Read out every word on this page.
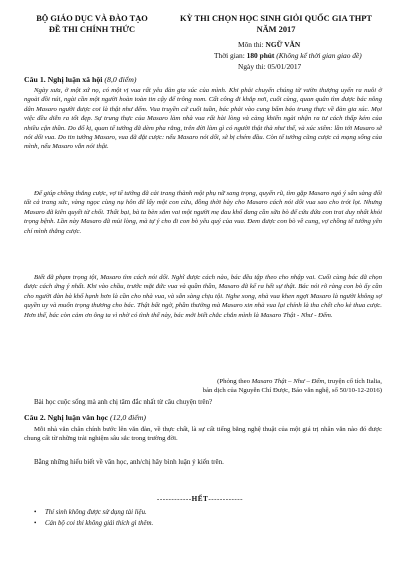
BỘ GIÁO DỤC VÀ ĐÀO TẠO
ĐỀ THI CHÍNH THỨC
KỲ THI CHỌN HỌC SINH GIỎI QUỐC GIA THPT
NĂM 2017
Môn thi: NGỮ VĂN
Thời gian: 180 phút (Không kể thời gian giao đề)
Ngày thi: 05/01/2017
Câu 1. Nghị luận xã hội (8,0 điểm)

Ngày xưa, ở một xứ nọ, có một vị vua rất yêu đàn gia súc của mình. Khi phải chuyển chúng từ vườn thượng uyển ra nuôi ở ngoài đồi núi, ngài cần một người hoàn toàn tin cậy để trông nom. Cất công đi khắp nơi, cuối cùng, quan quân tìm được bác nông dân Masaro người được coi là thật như đếm. Vua truyền cứ cuối tuần, bác phải vào cung bẩm báo trung thực về đàn gia súc. Mọi việc đều diễn ra tốt đẹp. Sự trung thực của Masaro làm nhà vua rất hài lòng và càng khiến ngài nhận ra tư cách thấp kém của nhiều cận thần. Do đố kị, quan tể tướng đã dèm pha rằng, trên đời làm gì có người thật thà như thế, và xúc xiểm: lần tới Masaro sẽ nói dối vua. Do tin tưởng Masaro, vua đã đặt cược: nếu Masaro nói dối, sẽ bị chém đầu. Còn tể tướng cũng cược cả mạng sống của mình, nếu Masaro vẫn nói thật.

Để giúp chồng thắng cược, vợ tể tướng đã cải trang thành một phụ nữ sang trọng, quyến rũ, tìm gặp Masaro ngỏ ý sẵn sàng đổi tất cả trang sức, vàng ngọc cùng nụ hôn để lấy một con cừu, đồng thời bày cho Masaro cách nói dối vua sao cho trót lọt. Nhưng Masaro đã kiên quyết từ chối. Thất bại, bà ta bèn sắm vai một người mẹ đau khổ đang cần sữa bò để cứu đứa con trai duy nhất khỏi trọng bệnh. Lần này Masaro đã mủi lòng, mà tự ý cho đi con bò yêu quý của vua. Đem được con bò về cung, vợ chồng tể tướng yên chí mình thắng cược.

Biết đã phạm trọng tội, Masaro tìm cách nói dối. Nghĩ được cách nào, bác đều tập theo cho nhập vai. Cuối cùng bác đã chọn được cách ứng ý nhất. Khi vào chầu, trước mặt đức vua và quần thần, Masaro đã kể ra hết sự thật. Bác nói rõ ràng con bò ấy cần cho người đàn bà khổ hạnh hơn là cần cho nhà vua, và sẵn sàng chịu tội. Nghe xong, nhà vua khen ngợi Masaro là người không sợ quyền uy và muốn trọng thương cho bác. Thật bất ngờ, phần thưởng mà Masaro xin nhà vua lại chính là tha chết cho kẻ thua cược. Hơn thế, bác còn cảm ơn ông ta vì nhờ có tình thế này, bác mới biết chắc chắn mình là Masaro Thật - Như - Đếm.

(Phỏng theo Masaro Thật – Như – Đếm, truyện cổ tích Italia,
bản dịch của Nguyễn Chí Được, Báo văn nghệ, số 50/10-12-2016)

Bài học cuộc sống mà anh chị tâm đắc nhất từ câu chuyện trên?

Câu 2. Nghị luận văn học (12,0 điểm)

Mỗi nhà văn chân chính bước lên văn đàn, về thực chất, là sự cất tiếng bằng nghệ thuật của một giá trị nhân văn nào đó được chung cất từ những trải nghiệm sâu sắc trong trường đời.

Bằng những hiểu biết về văn học, anh/chị hãy bình luận ý kiến trên.

------------HẾT------------
• Thí sinh không được sử dụng tài liệu.
• Cán bộ coi thi không giải thích gì thêm.
